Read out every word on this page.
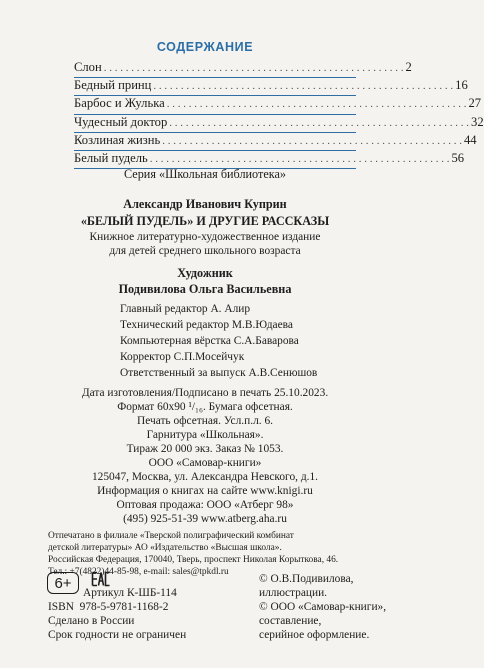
СОДЕРЖАНИЕ
Слон . . . . . . . . . . . . . . . . . . . . . . . . . . . . . . . . . . . . . . . . . . . . . . . . . . . . . . . 2
Бедный принц . . . . . . . . . . . . . . . . . . . . . . . . . . . . . . . . . . . . . . . . . . . . . . . . . . . . . . . 16
Барбос и Жулька . . . . . . . . . . . . . . . . . . . . . . . . . . . . . . . . . . . . . . . . . . . . . . . . . . . . . . . 27
Чудесный доктор . . . . . . . . . . . . . . . . . . . . . . . . . . . . . . . . . . . . . . . . . . . . . . . . . . . . . . . 32
Козлиная жизнь . . . . . . . . . . . . . . . . . . . . . . . . . . . . . . . . . . . . . . . . . . . . . . . . . . . . . . . 44
Белый пудель . . . . . . . . . . . . . . . . . . . . . . . . . . . . . . . . . . . . . . . . . . . . . . . . . . . . . . . 56
Серия «Школьная библиотека»
Александр Иванович Куприн
«БЕЛЫЙ ПУДЕЛЬ» И ДРУГИЕ РАССКАЗЫ
Книжное литературно-художественное издание
для детей среднего школьного возраста
Художник
Подивилова Ольга Васильевна
Главный редактор А. Алир
Технический редактор М.В.Юдаева
Компьютерная вёрстка С.А.Баварова
Корректор С.П.Мосейчук
Ответственный за выпуск А.В.Сенюшов
Дата изготовления/Подписано в печать 25.10.2023.
Формат 60х90 ¹/₁₆. Бумага офсетная.
Печать офсетная. Усл.п.л. 6.
Гарнитура «Школьная».
Тираж 20 000 экз. Заказ № 1053.
ООО «Самовар-книги»
125047, Москва, ул. Александра Невского, д.1.
Информация о книгах на сайте www.knigi.ru
Оптовая продажа: ООО «Атберг 98»
(495) 925-51-39 www.atberg.aha.ru
Отпечатано в филиале «Тверской полиграфический комбинат
детской литературы» АО «Издательство «Высшая школа».
Российская Федерация, 170040, Тверь, проспект Николая Корыткова, 46.
Тел.: +7(4822)44-85-98, e-mail: sales@tpkdl.ru
6+
Артикул К-ШБ-114
ISBN  978-5-9781-1168-2
Сделано в России
Срок годности не ограничен
© О.В.Подивилова,
иллюстрации.
© ООО «Самовар-книги»,
составление,
серийное оформление.
